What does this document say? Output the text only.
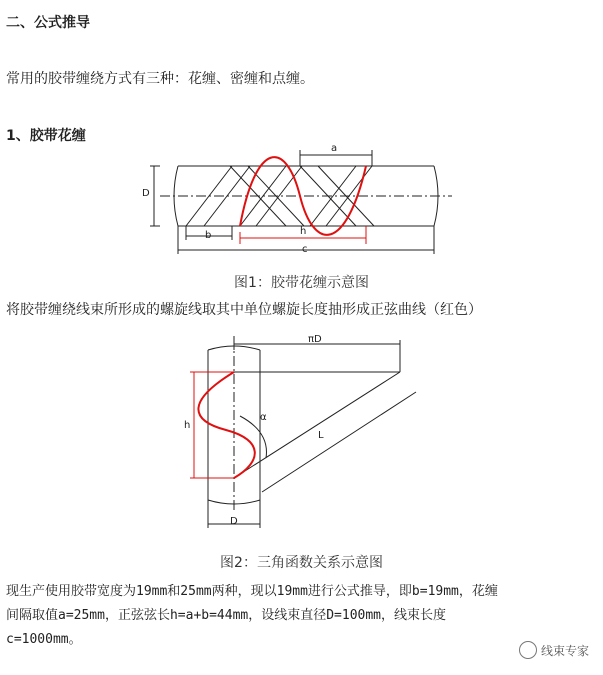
二、公式推导
常用的胶带缠绕方式有三种：花缠、密缠和点缠。
1、胶带花缠
a
D
b	h
c
图1：胶带花缠示意图
将胶带缠绕线束所形成的螺旋线取其中单位螺旋长度抽形成正弦曲线（红色）
πD
h
α
L
D
图2：三角函数关系示意图
现生产使用胶带宽度为19mm和25mm两种，现以19mm进行公式推导，即b=19mm，花缠
间隔取值a=25mm，正弦弦长h=a+b=44mm，设线束直径D=100mm，线束长度
c=1000mm。
线束专家
